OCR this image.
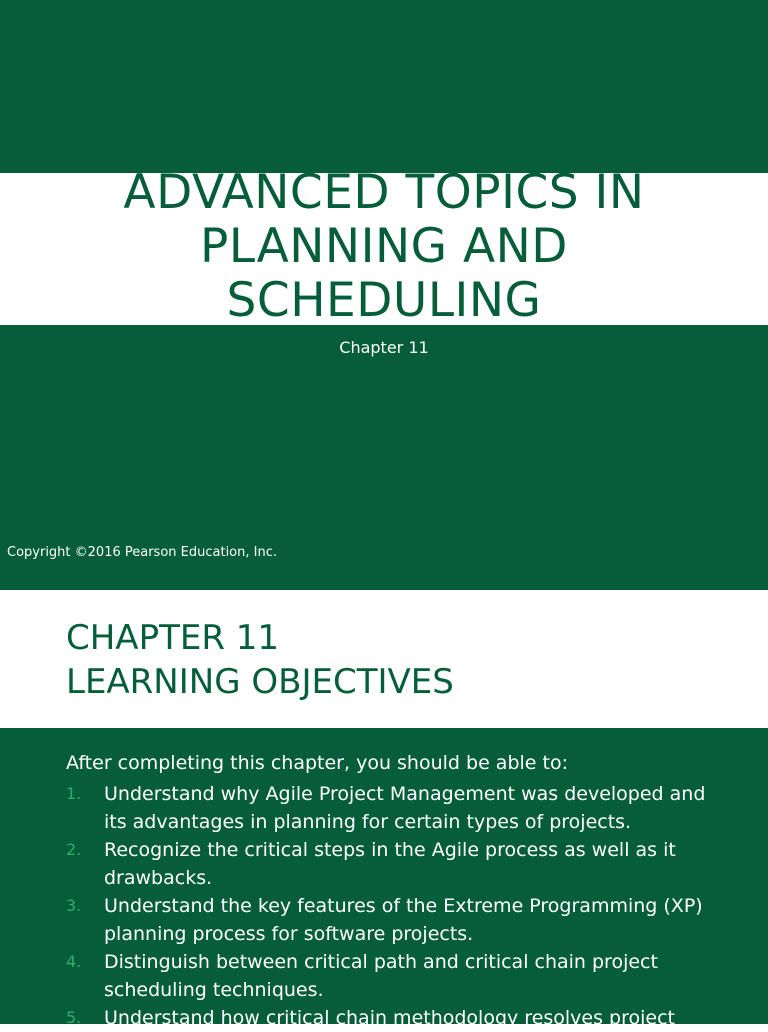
ADVANCED TOPICS IN
PLANNING AND
SCHEDULING
Chapter 11
Copyright ©2016 Pearson Education, Inc.
CHAPTER 11
LEARNING OBJECTIVES
After completing this chapter, you should be able to:
1.	Understand why Agile Project Management was developed and its advantages in planning for certain types of projects.
2.	Recognize the critical steps in the Agile process as well as it drawbacks.
3.	Understand the key features of the Extreme Programming (XP) planning process for software projects.
4.	Distinguish between critical path and critical chain project scheduling techniques.
5.	Understand how critical chain methodology resolves project
